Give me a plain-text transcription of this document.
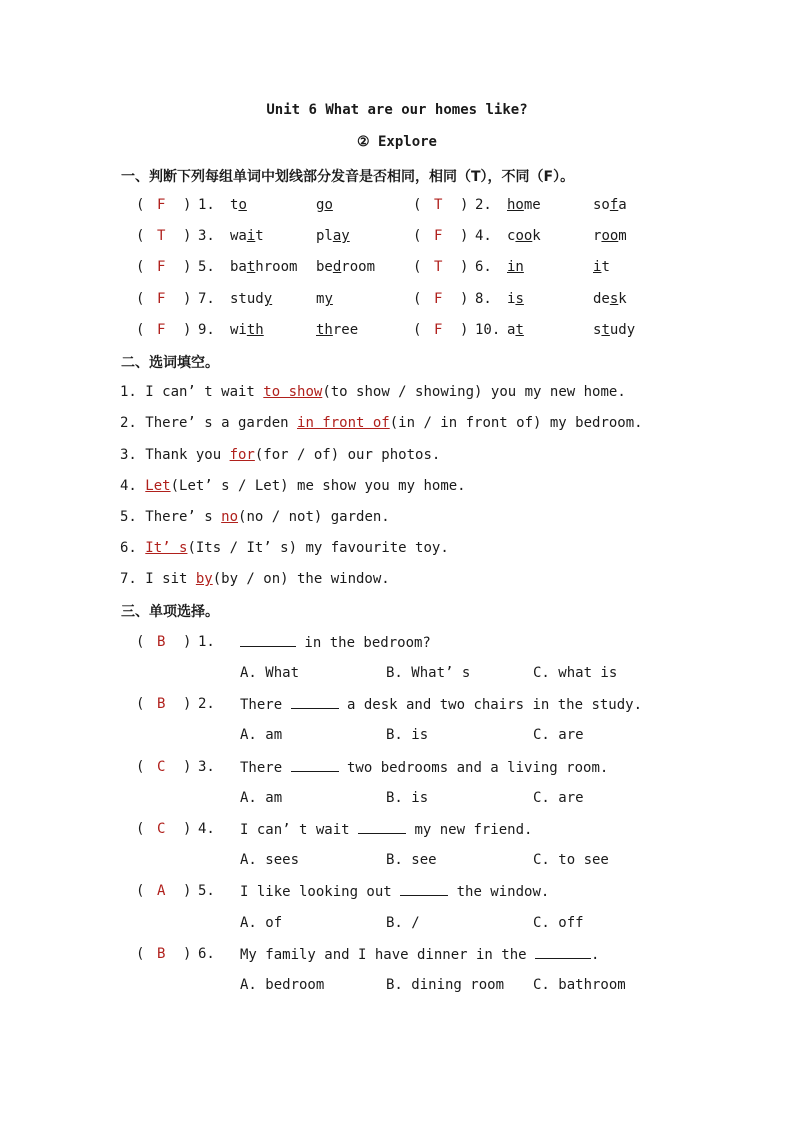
Unit 6 What are our homes like?
② Explore
一、判断下列每组单词中划线部分发音是否相同，相同（T），不同（F）。
( F ) 1. to	go	( T ) 2. home	sofa
( T ) 3. wait	play	( F ) 4. cook	room
( F ) 5. bathroom bedroom	( T ) 6. in	it
( F ) 7. study	my	( F ) 8. is	desk
( F ) 9. with	three	( F ) 10. at	study
二、选词填空。
1. I can’ t wait to show(to show / showing) you my new home.
2. There’ s a garden in front of(in / in front of) my bedroom.
3. Thank you for(for / of) our photos.
4. Let(Let’ s / Let) me show you my home.
5. There’ s no(no / not) garden.
6. It’ s(Its / It’ s) my favourite toy.
7. I sit by(by / on) the window.
三、单项选择。
( B ) 1.	in the bedroom?
A. What	B. What’ s	C. what is
( B ) 2. There	a desk and two chairs in the study.
A. am	B. is	C. are
( C ) 3. There	two bedrooms and a living room.
A. am	B. is	C. are
( C ) 4. I can’ t wait	my new friend.
A. sees	B. see	C. to see
( A ) 5. I like looking out	the window.
A. of	B. /	C. off
( B ) 6. My family and I have dinner in the	.
A. bedroom	B. dining room C. bathroom
